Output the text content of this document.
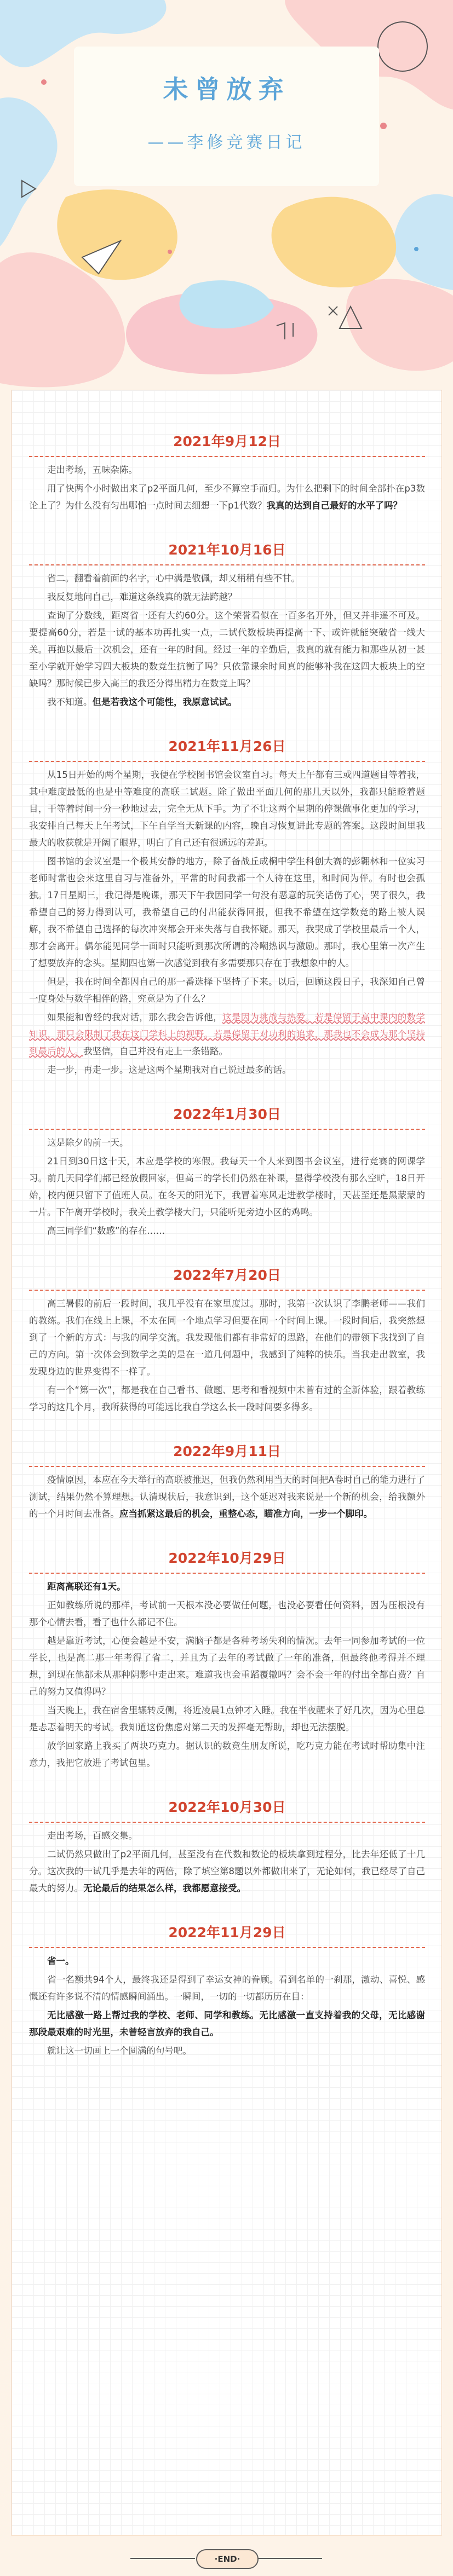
未曾放弃
——李修竞赛日记
2021年9月12日

走出考场，五味杂陈。

用了快两个小时做出来了p2平面几何，至少不算空手而归。为什么把剩下的时间全部扑在p3数论上了？为什么没有匀出哪怕一点时间去细想一下p1代数？我真的达到自己最好的水平了吗？

2021年10月16日

省二。翻看着前面的名字，心中满是敬佩，却又稍稍有些不甘。

我反复地问自己，难道这条线真的就无法跨越？

查询了分数线，距离省一还有大约60分。这个荣誉看似在一百多名开外，但又并非遥不可及。要提高60分，若是一试的基本功再扎实一点，二试代数板块再提高一下、或许就能突破省一线大关。再抱以最后一次机会，还有一年的时间。经过一年的辛勤后，我真的就有能力和那些从初一甚至小学就开始学习四大板块的数竞生抗衡了吗？只依靠课余时间真的能够补我在这四大板块上的空缺吗？那时候已步入高三的我还分得出精力在数竞上吗？

我不知道。但是若我这个可能性，我原意试试。

2021年11月26日

从15日开始的两个星期，我便在学校图书馆会议室自习。每天上午都有三或四道题目等着我，其中难度最低的也是中等难度的高联二试题。除了做出平面几何的那几天以外，我都只能瞪着题目，干等着时间一分一秒地过去，完全无从下手。为了不让这两个星期的停课做事化更加的学习，我安排自己每天上午考试，下午自学当天新课的内容，晚自习恢复讲此专题的答案。这段时间里我最大的收获就是开阔了眼界，明白了自己还有很遥远的差距。

图书馆的会议室是一个极其安静的地方，除了备战丘成桐中学生科创大赛的彭翱林和一位实习老师时常也会来这里自习与准备外，平常的时间我都一个人待在这里，和时间为伴。有时也会孤独。17日星期三，我记得是晚课，那天下午我因同学一句没有恶意的玩笑话伤了心，哭了很久，我希望自己的努力得到认可，我希望自己的付出能获得回报，但我不希望在这学数竞的路上被人误解，我不希望自己选择的每次冲突都会开来失落与自我怀疑。那天，我哭成了学校里最后一个人，那才会离开。偶尔能见同学一面时只能听到那次所谓的冷嘲热讽与激励。那时，我心里第一次产生了想要放弃的念头。星期四也第一次感觉到我有多需要那只存在于我想象中的人。

但是，我在时间全都因自己的那一番选择下坚持了下来。以后，回顾这段日子，我深知自己曾一度身处与数学相伴的路，究竟是为了什么？

如果能和曾经的我对话，那么我会告诉他，这是因为挑战与热爱。若是停留于高中课内的数学知识，那只会限制了我在这门学科上的视野。若是停留于对功利的追求，那我也不会成为那个坚持到最后的人。我坚信，自己并没有走上一条错路。

走一步，再走一步。这是这两个星期我对自己说过最多的话。

2022年1月30日

这是除夕的前一天。

21日到30日这十天，本应是学校的寒假。我每天一个人来到图书会议室，进行竞赛的网课学习。前几天同学们都已经放假回家，但高三的学长们仍然在补课，显得学校没有那么空旷，18日开始，校内便只留下了值班人员。在冬天的阳光下，我冒着寒风走进教学楼时，天甚至还是黑蒙蒙的一片。下午离开学校时，我关上教学楼大门，只能听见旁边小区的鸡鸣。

高三同学们“数感”的存在……

2022年7月20日

高三暑假的前后一段时间，我几乎没有在家里度过。那时，我第一次认识了李鹏老师——我们的教练。我们在线上上课，不太在同一个地点学习但要在同一个时间上课。一段时间后，我突然想到了一个新的方式：与我的同学交流。我发现他们都有非常好的思路，在他们的带领下我找到了自己的方向。第一次体会到数学之美的是在一道几何题中，我感到了纯粹的快乐。当我走出教室，我发现身边的世界变得不一样了。

有一个“第一次”，都是我在自己看书、做题、思考和看视频中未曾有过的全新体验，跟着教练学习的这几个月，我所获得的可能远比我自学这么长一段时间要多得多。

2022年9月11日

疫情原因，本应在今天举行的高联被推迟，但我仍然利用当天的时间把A卷时自己的能力进行了测试，结果仍然不算理想。认清现状后，我意识到，这个延迟对我来说是一个新的机会，给我额外的一个月时间去准备。应当抓紧这最后的机会，重整心态，瞄准方向，一步一个脚印。

2022年10月29日

距离高联还有1天。

正如教练所说的那样，考试前一天根本没必要做任何题，也没必要看任何资料，因为压根没有那个心情去看，看了也什么都记不住。

越是靠近考试，心便会越是不安，满脑子都是各种考场失利的情况。去年一同参加考试的一位学长，也是高二那一年考得了省二，并且为了去年的考试做了一年的准备，但最终他考得并不理想，到现在他都未从那种阴影中走出来。难道我也会重蹈覆辙吗？会不会一年的付出全都白费？自己的努力又值得吗？

当天晚上，我在宿舍里辗转反侧，将近凌晨1点钟才入睡。我在半夜醒来了好几次，因为心里总是忐忑着明天的考试。我知道这份焦虑对第二天的发挥毫无帮助，却也无法摆脱。

放学回家路上我买了两块巧克力。据认识的数竞生朋友所说，吃巧克力能在考试时帮助集中注意力，我把它放进了考试包里。

2022年10月30日

走出考场，百感交集。

二试仍然只做出了p2平面几何，甚至没有在代数和数论的板块拿到过程分，比去年还低了十几分。这次我的一试几乎是去年的两倍，除了填空第8题以外都做出来了，无论如何，我已经尽了自己最大的努力。无论最后的结果怎么样，我都愿意接受。

2022年11月29日

省一。

省一名额共94个人，最终我还是得到了幸运女神的眷顾。看到名单的一刹那，激动、喜悦、感慨还有许多说不清的情感瞬间涌出。一瞬间，一切的一切都历历在目：

无比感激一路上帮过我的学校、老师、同学和教练。无比感激一直支持着我的父母，无比感谢那段最艰难的时光里，未曾轻言放弃的我自己。

就让这一切画上一个圆满的句号吧。

·END·
